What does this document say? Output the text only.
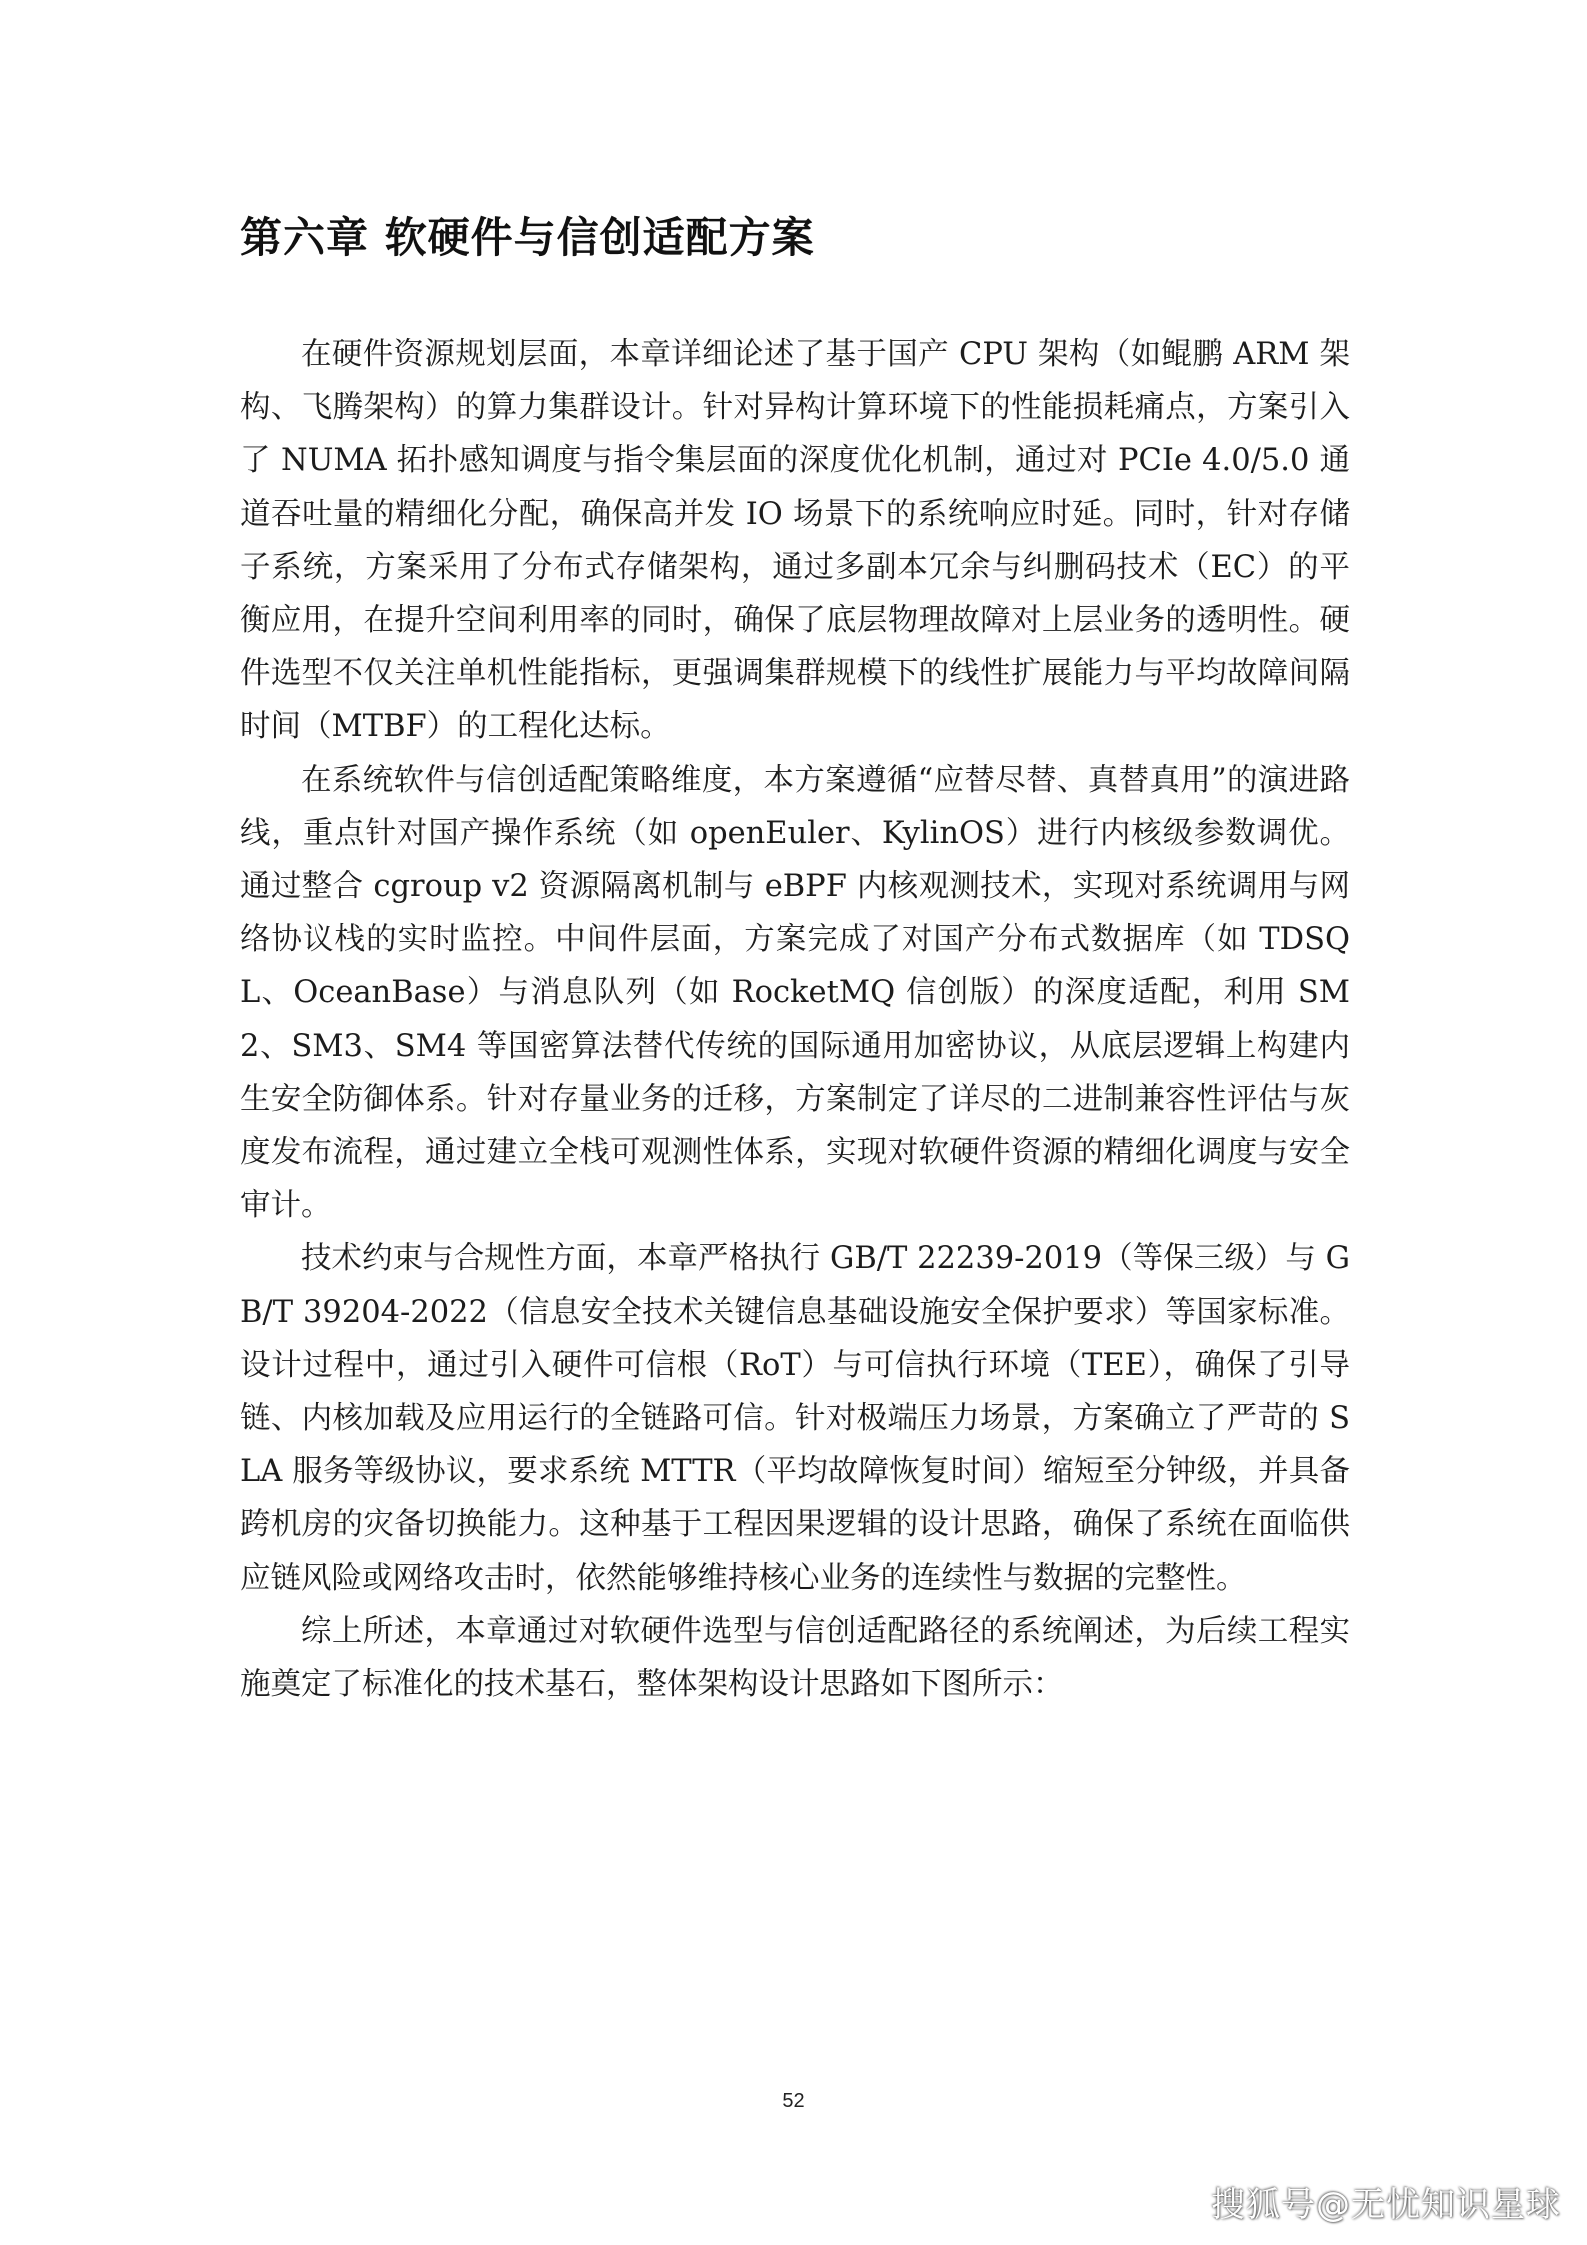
第六章 软硬件与信创适配方案

在硬件资源规划层面，本章详细论述了基于国产 CPU 架构（如鲲鹏 ARM 架构、飞腾架构）的算力集群设计。针对异构计算环境下的性能损耗痛点，方案引入了 NUMA 拓扑感知调度与指令集层面的深度优化机制，通过对 PCIe 4.0/5.0 通道吞吐量的精细化分配，确保高并发 IO 场景下的系统响应时延。同时，针对存储子系统，方案采用了分布式存储架构，通过多副本冗余与纠删码技术（EC）的平衡应用，在提升空间利用率的同时，确保了底层物理故障对上层业务的透明性。硬件选型不仅关注单机性能指标，更强调集群规模下的线性扩展能力与平均故障间隔时间（MTBF）的工程化达标。

在系统软件与信创适配策略维度，本方案遵循“应替尽替、真替真用”的演进路线，重点针对国产操作系统（如 openEuler、KylinOS）进行内核级参数调优。通过整合 cgroup v2 资源隔离机制与 eBPF 内核观测技术，实现对系统调用与网络协议栈的实时监控。中间件层面，方案完成了对国产分布式数据库（如 TDSQL、OceanBase）与消息队列（如 RocketMQ 信创版）的深度适配，利用 SM2、SM3、SM4 等国密算法替代传统的国际通用加密协议，从底层逻辑上构建内生安全防御体系。针对存量业务的迁移，方案制定了详尽的二进制兼容性评估与灰度发布流程，通过建立全栈可观测性体系，实现对软硬件资源的精细化调度与安全审计。

技术约束与合规性方面，本章严格执行 GB/T 22239-2019（等保三级）与 GB/T 39204-2022（信息安全技术关键信息基础设施安全保护要求）等国家标准。设计过程中，通过引入硬件可信根（RoT）与可信执行环境（TEE），确保了引导链、内核加载及应用运行的全链路可信。针对极端压力场景，方案确立了严苛的 SLA 服务等级协议，要求系统 MTTR（平均故障恢复时间）缩短至分钟级，并具备跨机房的灾备切换能力。这种基于工程因果逻辑的设计思路，确保了系统在面临供应链风险或网络攻击时，依然能够维持核心业务的连续性与数据的完整性。

综上所述，本章通过对软硬件选型与信创适配路径的系统阐述，为后续工程实施奠定了标准化的技术基石，整体架构设计思路如下图所示：

52
搜狐号@无忧知识星球
